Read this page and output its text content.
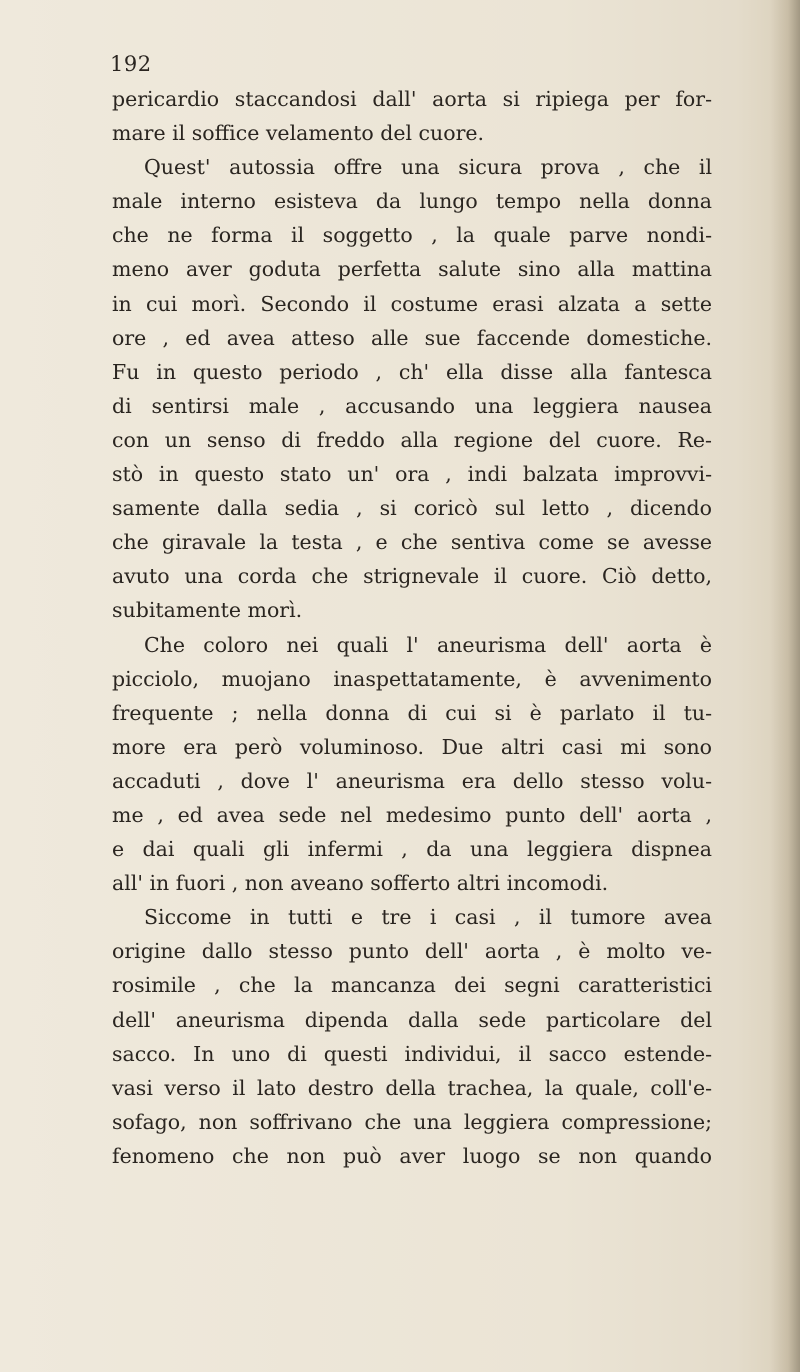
192
pericardio staccandosi dall' aorta si ripiega per for-
mare il soffice velamento del cuore.
Quest' autossia offre una sicura prova , che il
male interno esisteva da lungo tempo nella donna
che ne forma il soggetto , la quale parve nondi-
meno aver goduta perfetta salute sino alla mattina
in cui morì. Secondo il costume erasi alzata a sette
ore , ed avea atteso alle sue faccende domestiche.
Fu in questo periodo , ch' ella disse alla fantesca
di sentirsi male , accusando una leggiera nausea
con un senso di freddo alla regione del cuore. Re-
stò in questo stato un' ora , indi balzata improvvi-
samente dalla sedia , si coricò sul letto , dicendo
che giravale la testa , e che sentiva come se avesse
avuto una corda che strignevale il cuore. Ciò detto,
subitamente morì.
Che coloro nei quali l' aneurisma dell' aorta è
picciolo, muojano inaspettatamente, è avvenimento
frequente ; nella donna di cui si è parlato il tu-
more era però voluminoso. Due altri casi mi sono
accaduti , dove l' aneurisma era dello stesso volu-
me , ed avea sede nel medesimo punto dell' aorta ,
e dai quali gli infermi , da una leggiera dispnea
all' in fuori , non aveano sofferto altri incomodi.
Siccome in tutti e tre i casi , il tumore avea
origine dallo stesso punto dell' aorta , è molto ve-
rosimile , che la mancanza dei segni caratteristici
dell' aneurisma dipenda dalla sede particolare del
sacco. In uno di questi individui, il sacco estende-
vasi verso il lato destro della trachea, la quale, coll'e-
sofago, non soffrivano che una leggiera compressione;
fenomeno che non può aver luogo se non quando
